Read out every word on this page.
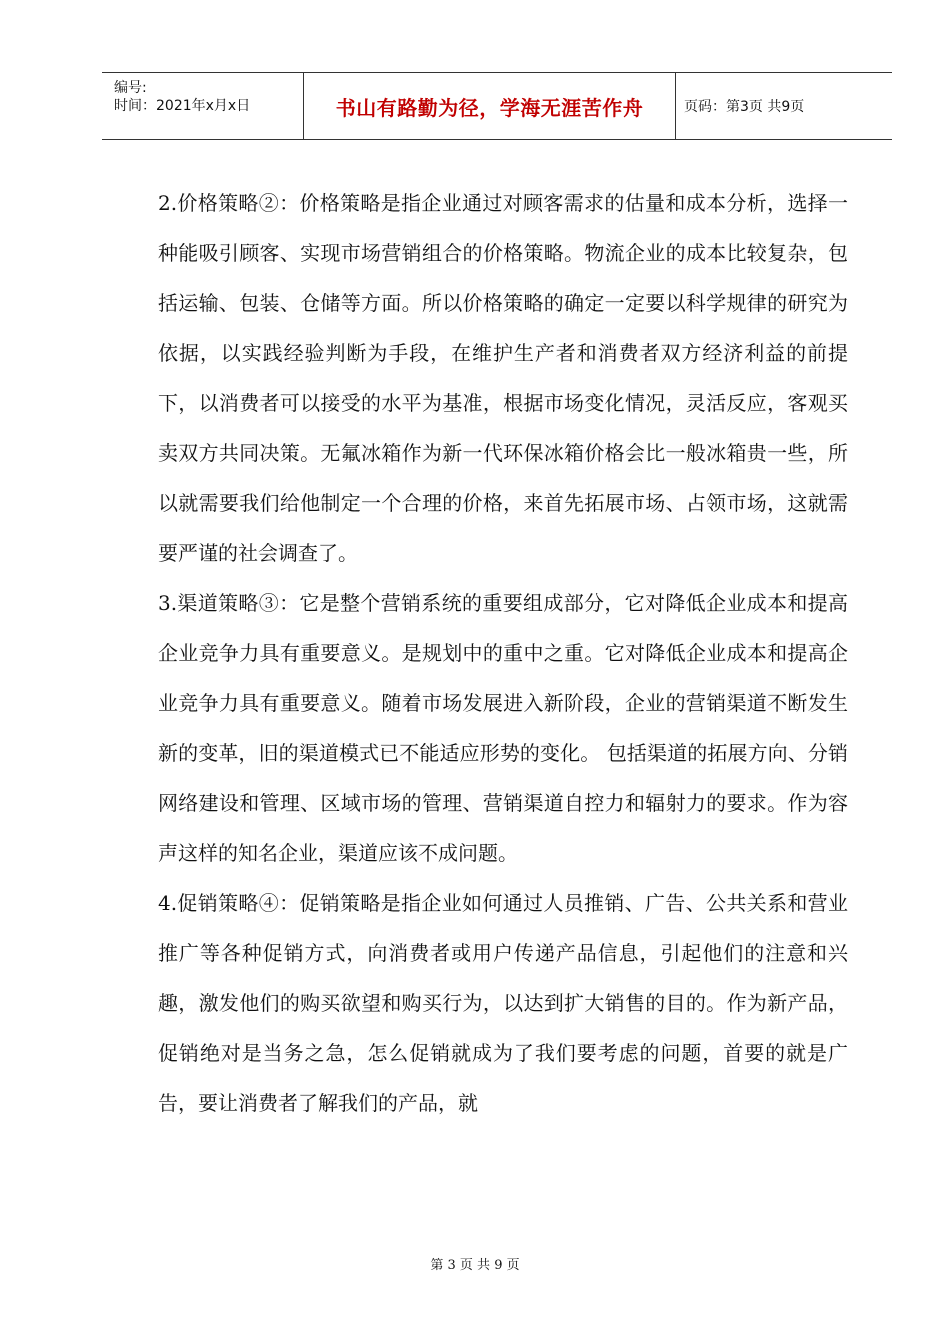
编号:
时间：2021年x月x日	书山有路勤为径，学海无涯苦作舟	页码：第3页 共9页

2.价格策略②：价格策略是指企业通过对顾客需求的估量和成本分析，选择一种能吸引顾客、实现市场营销组合的价格策略。物流企业的成本比较复杂，包括运输、包装、仓储等方面。所以价格策略的确定一定要以科学规律的研究为依据，以实践经验判断为手段，在维护生产者和消费者双方经济利益的前提下，以消费者可以接受的水平为基准，根据市场变化情况，灵活反应，客观买卖双方共同决策。无氟冰箱作为新一代环保冰箱价格会比一般冰箱贵一些，所以就需要我们给他制定一个合理的价格，来首先拓展市场、占领市场，这就需要严谨的社会调查了。

3.渠道策略③：它是整个营销系统的重要组成部分，它对降低企业成本和提高企业竞争力具有重要意义。是规划中的重中之重。它对降低企业成本和提高企业竞争力具有重要意义。随着市场发展进入新阶段，企业的营销渠道不断发生新的变革，旧的渠道模式已不能适应形势的变化。 包括渠道的拓展方向、分销网络建设和管理、区域市场的管理、营销渠道自控力和辐射力的要求。作为容声这样的知名企业，渠道应该不成问题。

4.促销策略④：促销策略是指企业如何通过人员推销、广告、公共关系和营业推广等各种促销方式，向消费者或用户传递产品信息，引起他们的注意和兴趣，激发他们的购买欲望和购买行为，以达到扩大销售的目的。作为新产品，促销绝对是当务之急，怎么促销就成为了我们要考虑的问题，首要的就是广告，要让消费者了解我们的产品，就

第 3 页 共 9 页
